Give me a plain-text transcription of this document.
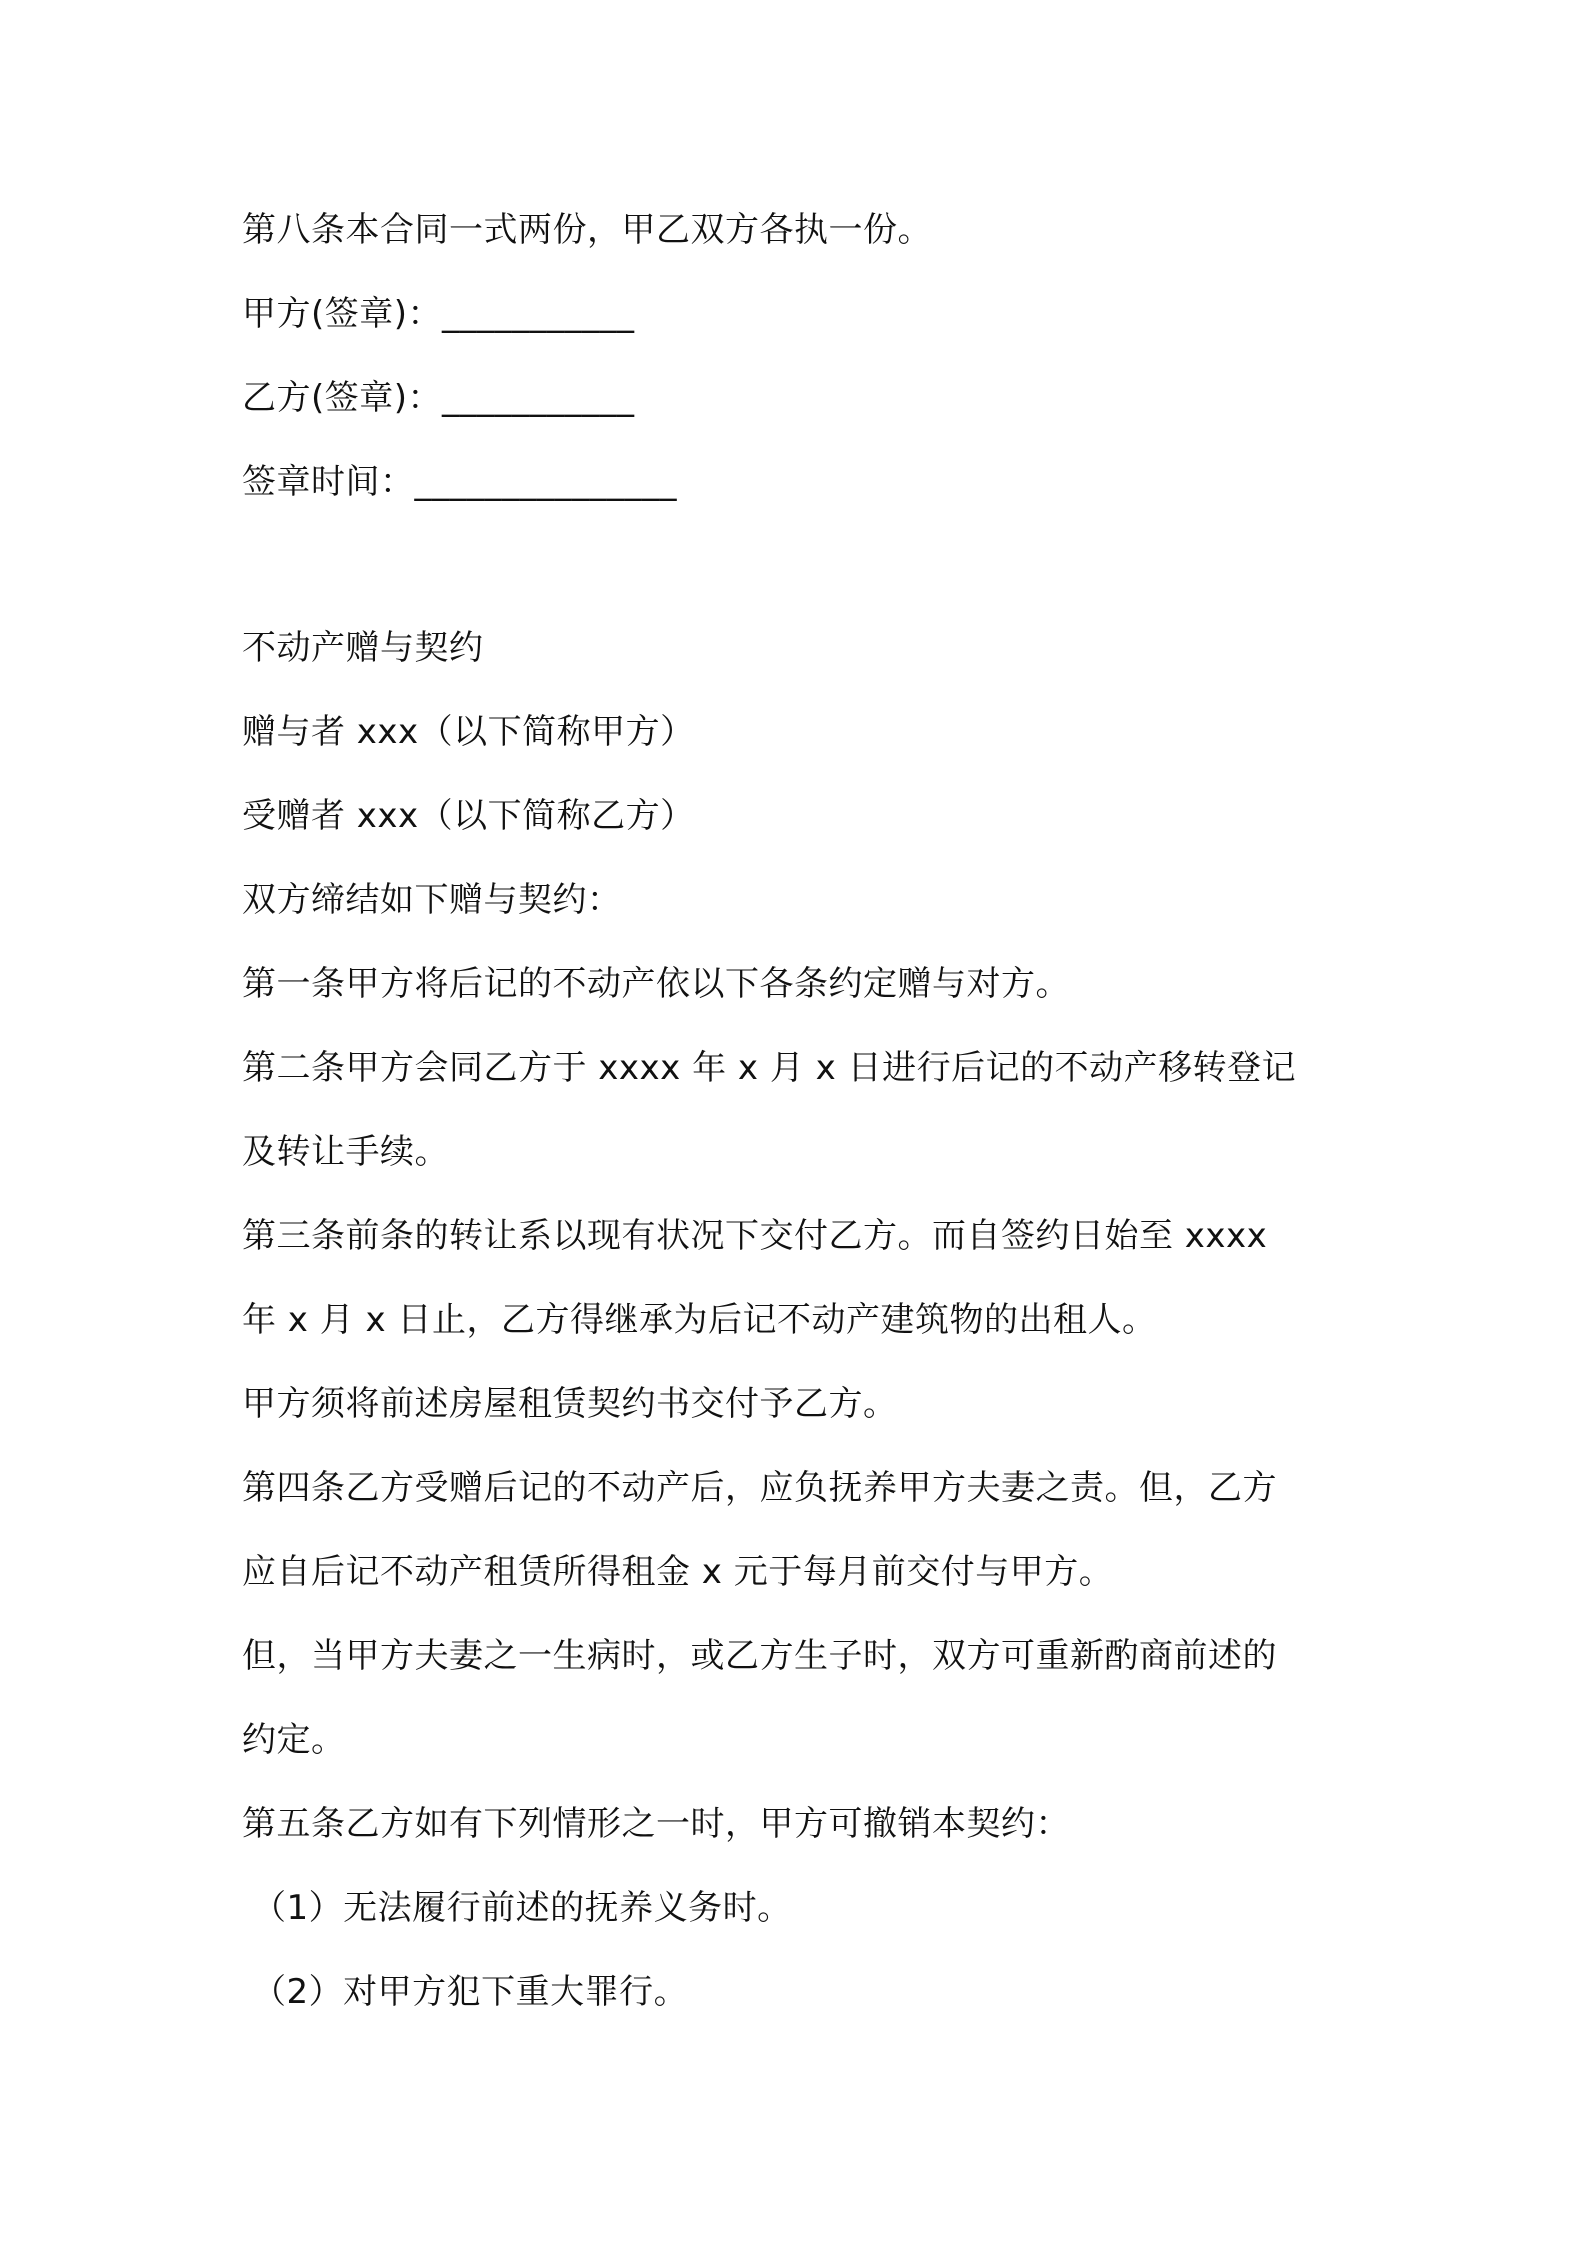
第八条本合同一式两份，甲乙双方各执一份。
甲方(签章)：___________
乙方(签章)：___________
签章时间：_______________
不动产赠与契约
赠与者 xxx（以下简称甲方）
受赠者 xxx（以下简称乙方）
双方缔结如下赠与契约：
第一条甲方将后记的不动产依以下各条约定赠与对方。
第二条甲方会同乙方于 xxxx 年 x 月 x 日进行后记的不动产移转登记
及转让手续。
第三条前条的转让系以现有状况下交付乙方。而自签约日始至 xxxx
年 x 月 x 日止，乙方得继承为后记不动产建筑物的出租人。
甲方须将前述房屋租赁契约书交付予乙方。
第四条乙方受赠后记的不动产后，应负抚养甲方夫妻之责。但，乙方
应自后记不动产租赁所得租金 x 元于每月前交付与甲方。
但，当甲方夫妻之一生病时，或乙方生子时，双方可重新酌商前述的
约定。
第五条乙方如有下列情形之一时，甲方可撤销本契约：
（1）无法履行前述的抚养义务时。
（2）对甲方犯下重大罪行。
